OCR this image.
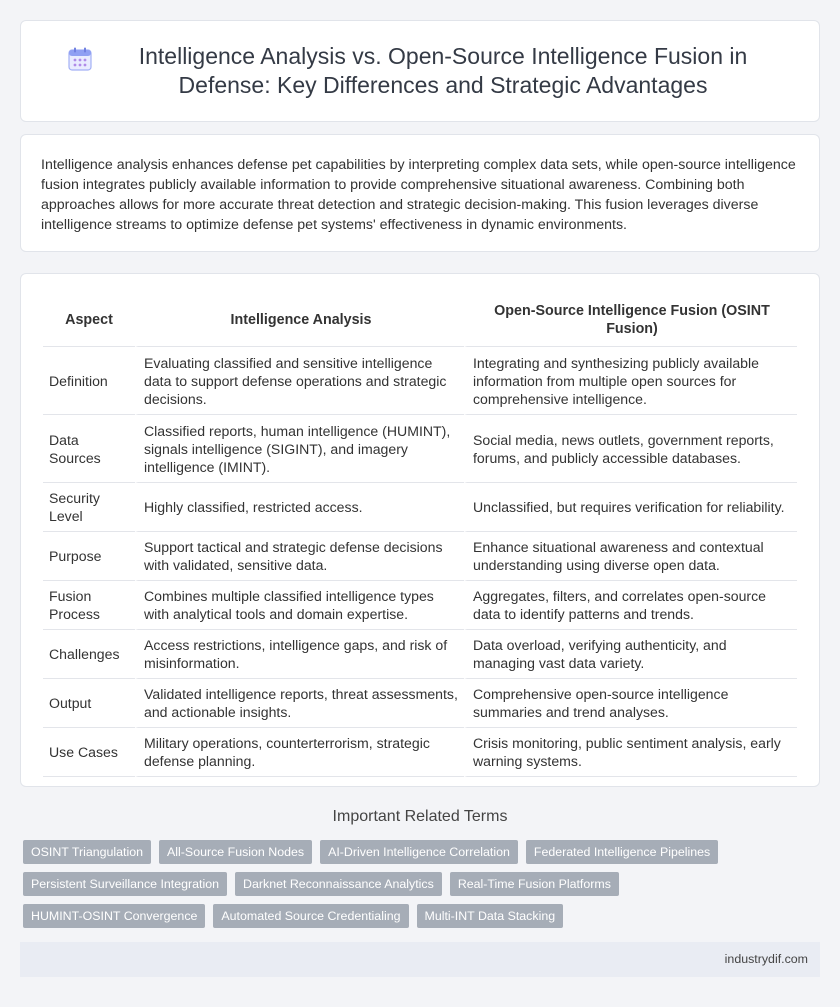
Intelligence Analysis vs. Open-Source Intelligence Fusion in Defense: Key Differences and Strategic Advantages

Intelligence analysis enhances defense pet capabilities by interpreting complex data sets, while open-source intelligence fusion integrates publicly available information to provide comprehensive situational awareness. Combining both approaches allows for more accurate threat detection and strategic decision-making. This fusion leverages diverse intelligence streams to optimize defense pet systems' effectiveness in dynamic environments.

Aspect	Intelligence Analysis	Open-Source Intelligence Fusion (OSINT Fusion)
Definition	Evaluating classified and sensitive intelligence data to support defense operations and strategic decisions.	Integrating and synthesizing publicly available information from multiple open sources for comprehensive intelligence.
Data Sources	Classified reports, human intelligence (HUMINT), signals intelligence (SIGINT), and imagery intelligence (IMINT).	Social media, news outlets, government reports, forums, and publicly accessible databases.
Security Level	Highly classified, restricted access.	Unclassified, but requires verification for reliability.
Purpose	Support tactical and strategic defense decisions with validated, sensitive data.	Enhance situational awareness and contextual understanding using diverse open data.
Fusion Process	Combines multiple classified intelligence types with analytical tools and domain expertise.	Aggregates, filters, and correlates open-source data to identify patterns and trends.
Challenges	Access restrictions, intelligence gaps, and risk of misinformation.	Data overload, verifying authenticity, and managing vast data variety.
Output	Validated intelligence reports, threat assessments, and actionable insights.	Comprehensive open-source intelligence summaries and trend analyses.
Use Cases	Military operations, counterterrorism, strategic defense planning.	Crisis monitoring, public sentiment analysis, early warning systems.
Important Related Terms
OSINT Triangulation	All-Source Fusion Nodes	AI-Driven Intelligence Correlation	Federated Intelligence Pipelines
Persistent Surveillance Integration	Darknet Reconnaissance Analytics	Real-Time Fusion Platforms
HUMINT-OSINT Convergence	Automated Source Credentialing	Multi-INT Data Stacking
industrydif.com
